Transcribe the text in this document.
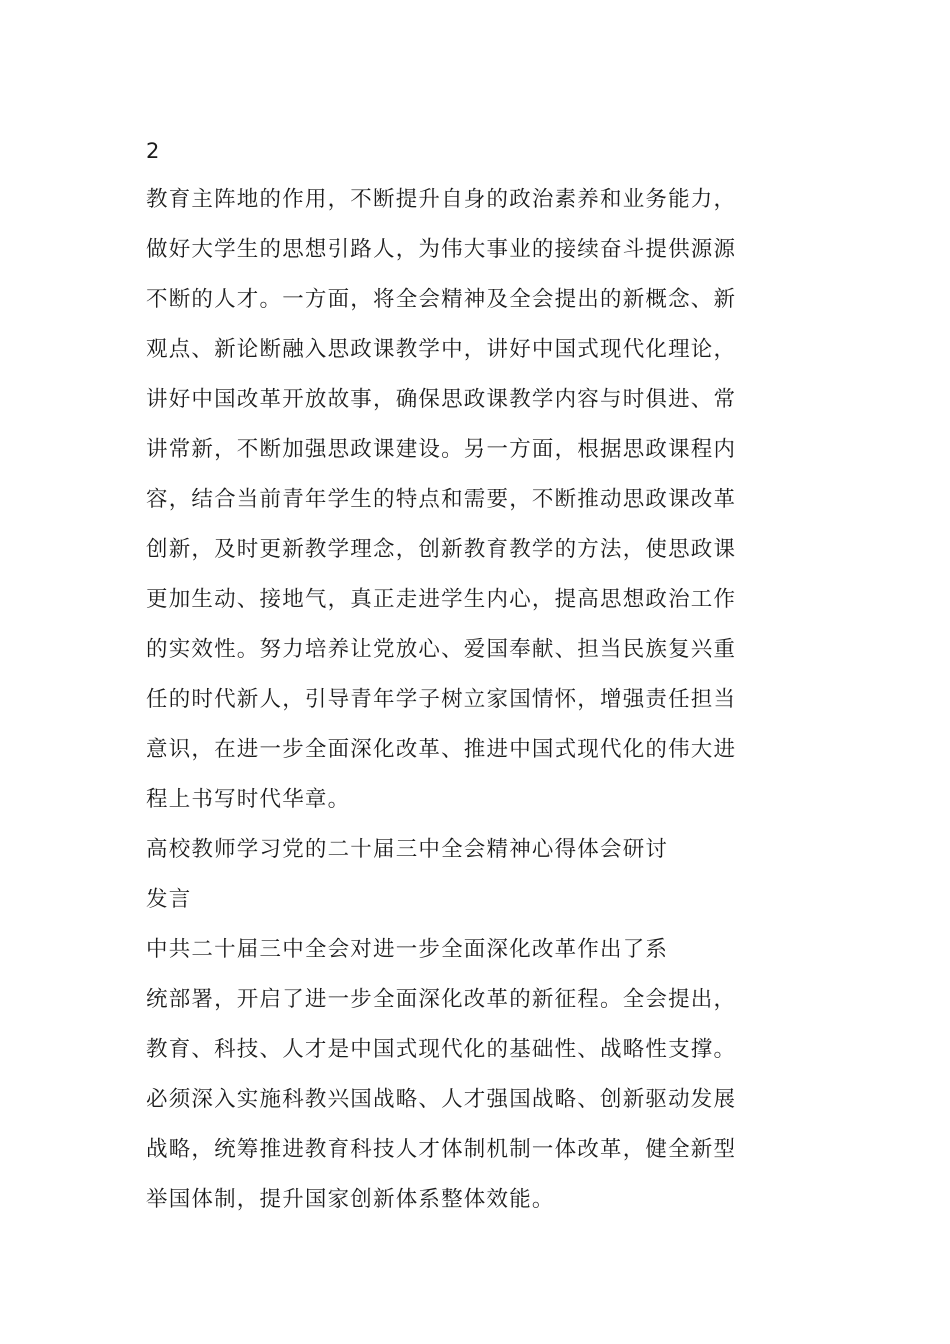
2

教育主阵地的作用，不断提升自身的政治素养和业务能力，
做好大学生的思想引路人，为伟大事业的接续奋斗提供源源
不断的人才。一方面，将全会精神及全会提出的新概念、新
观点、新论断融入思政课教学中，讲好中国式现代化理论，
讲好中国改革开放故事，确保思政课教学内容与时俱进、常
讲常新，不断加强思政课建设。另一方面，根据思政课程内
容，结合当前青年学生的特点和需要，不断推动思政课改革
创新，及时更新教学理念，创新教育教学的方法，使思政课
更加生动、接地气，真正走进学生内心，提高思想政治工作
的实效性。努力培养让党放心、爱国奉献、担当民族复兴重
任的时代新人，引导青年学子树立家国情怀，增强责任担当
意识，在进一步全面深化改革、推进中国式现代化的伟大进
程上书写时代华章。
高校教师学习党的二十届三中全会精神心得体会研讨
发言
中共二十届三中全会对进一步全面深化改革作出了系
统部署，开启了进一步全面深化改革的新征程。全会提出，
教育、科技、人才是中国式现代化的基础性、战略性支撑。
必须深入实施科教兴国战略、人才强国战略、创新驱动发展
战略，统筹推进教育科技人才体制机制一体改革，健全新型
举国体制，提升国家创新体系整体效能。
